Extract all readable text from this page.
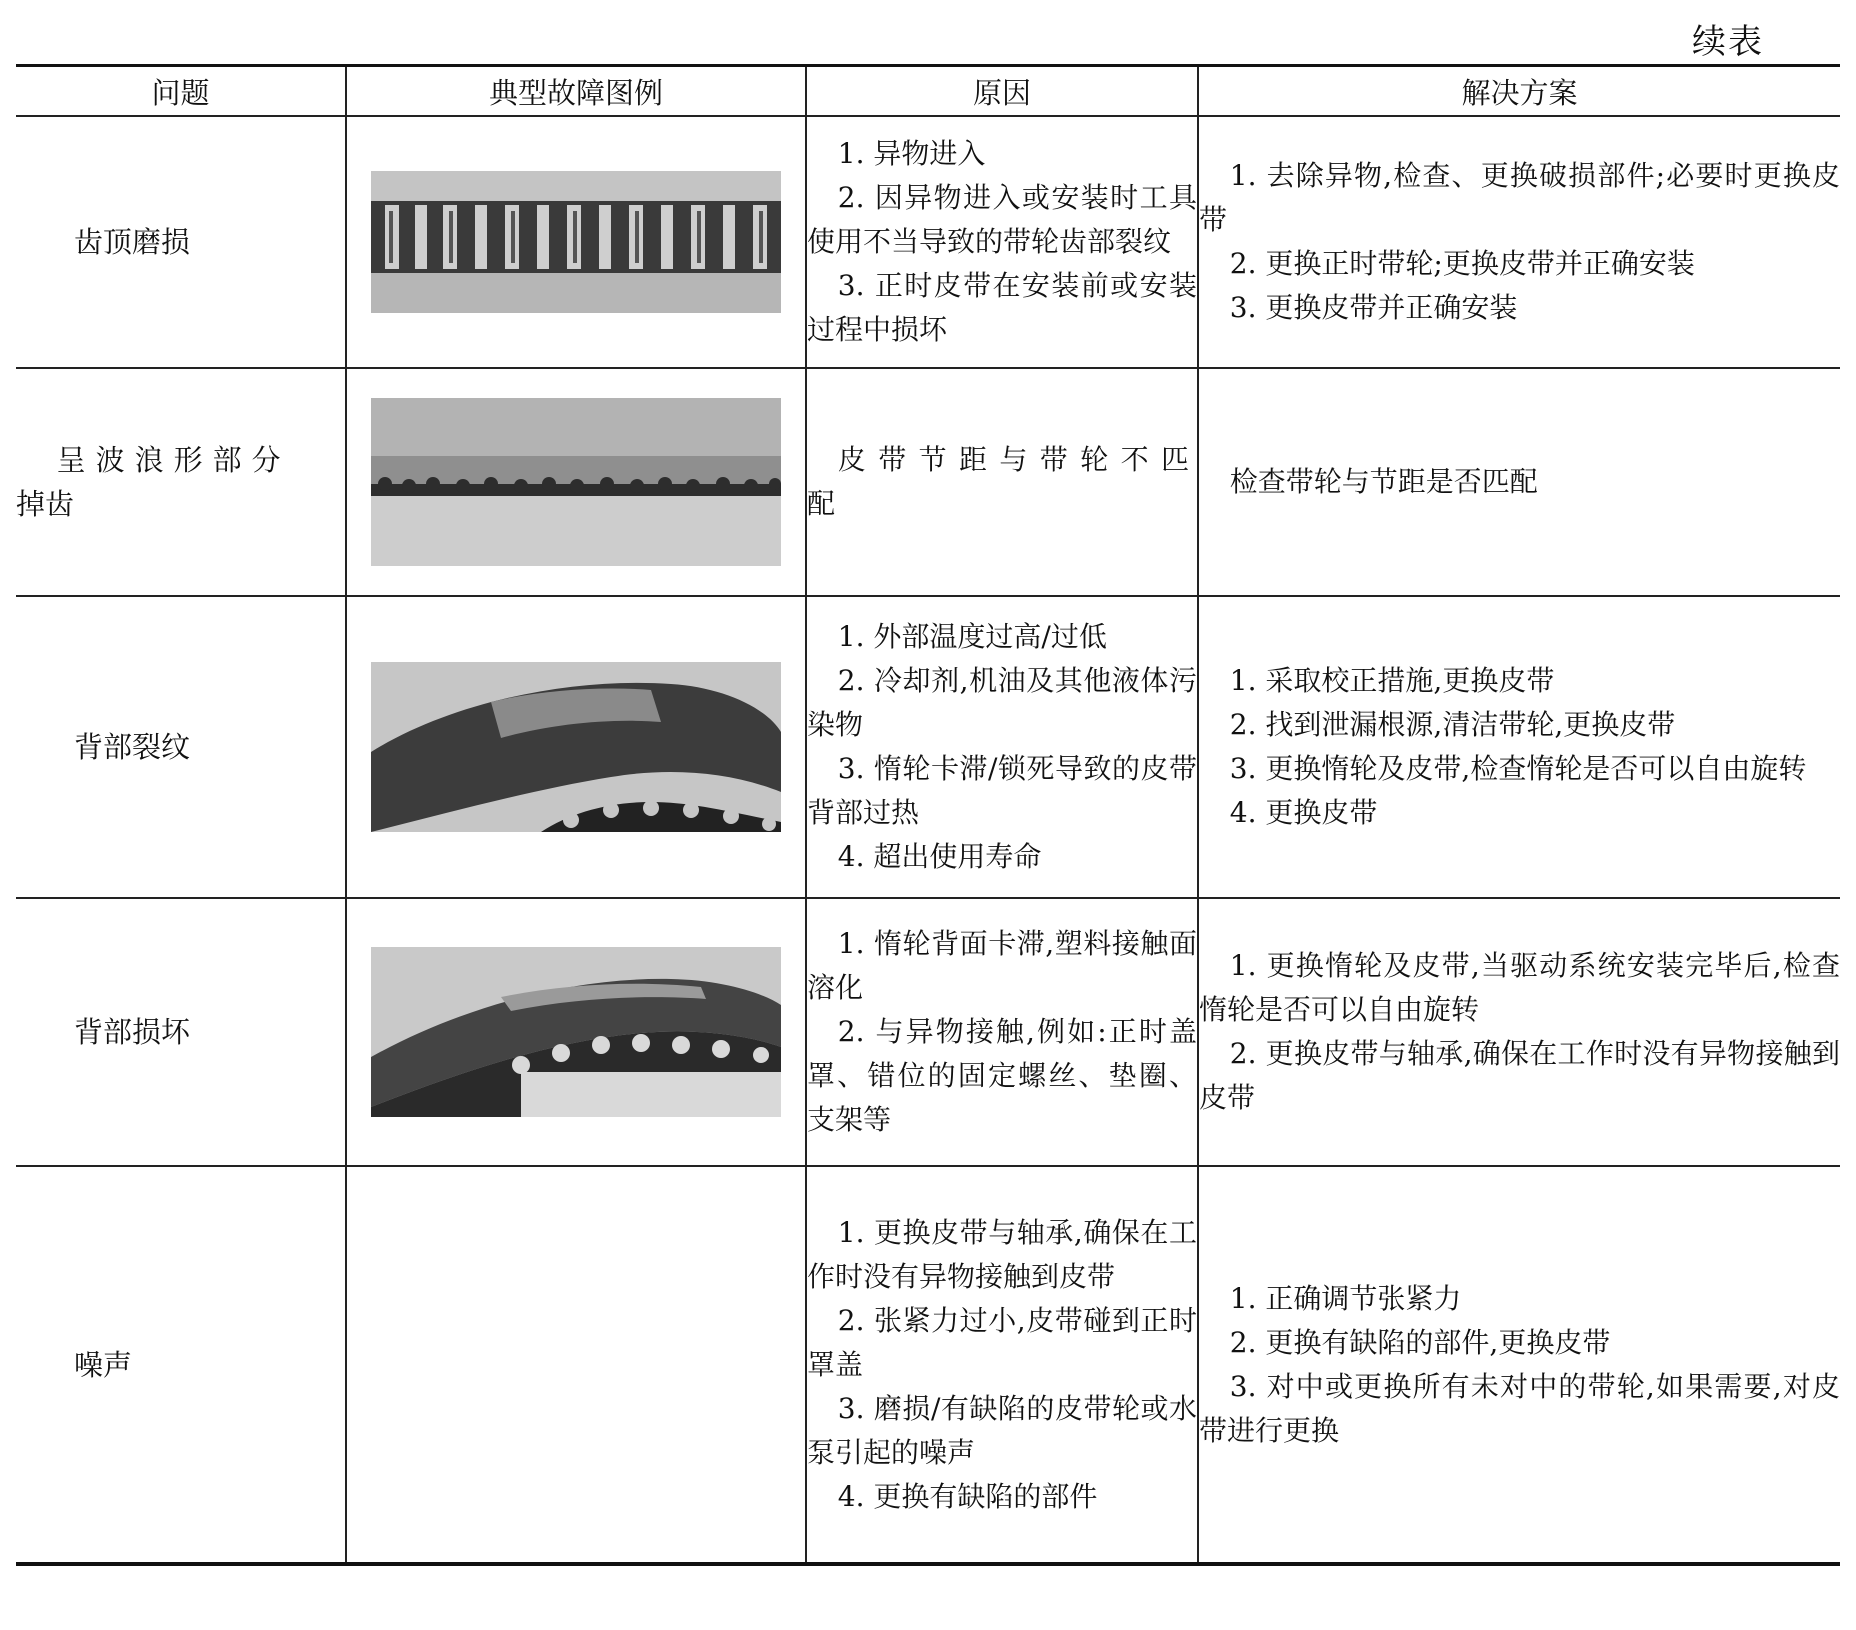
续表
问题	典型故障图例	原因	解决方案

齿顶磨损		1. 异物进入
2. 因异物进入或安装时工具使用不当导致的带轮齿部裂纹
3. 正时皮带在安装前或安装过程中损坏	1. 去除异物,检查、更换破损部件;必要时更换皮带
2. 更换正时带轮;更换皮带并正确安装
3. 更换皮带并正确安装

呈波浪形部分
掉齿		皮带节距与带轮不匹配	检查带轮与节距是否匹配

背部裂纹		1. 外部温度过高/过低
2. 冷却剂,机油及其他液体污染物
3. 惰轮卡滞/锁死导致的皮带背部过热
4. 超出使用寿命	1. 采取校正措施,更换皮带
2. 找到泄漏根源,清洁带轮,更换皮带
3. 更换惰轮及皮带,检查惰轮是否可以自由旋转
4. 更换皮带

背部损坏		1. 惰轮背面卡滞,塑料接触面溶化
2. 与异物接触,例如:正时盖罩、错位的固定螺丝、垫圈、支架等	1. 更换惰轮及皮带,当驱动系统安装完毕后,检查惰轮是否可以自由旋转
2. 更换皮带与轴承,确保在工作时没有异物接触到皮带

噪声		1. 更换皮带与轴承,确保在工作时没有异物接触到皮带
2. 张紧力过小,皮带碰到正时罩盖
3. 磨损/有缺陷的皮带轮或水泵引起的噪声
4. 更换有缺陷的部件	1. 正确调节张紧力
2. 更换有缺陷的部件,更换皮带
3. 对中或更换所有未对中的带轮,如果需要,对皮带进行更换
